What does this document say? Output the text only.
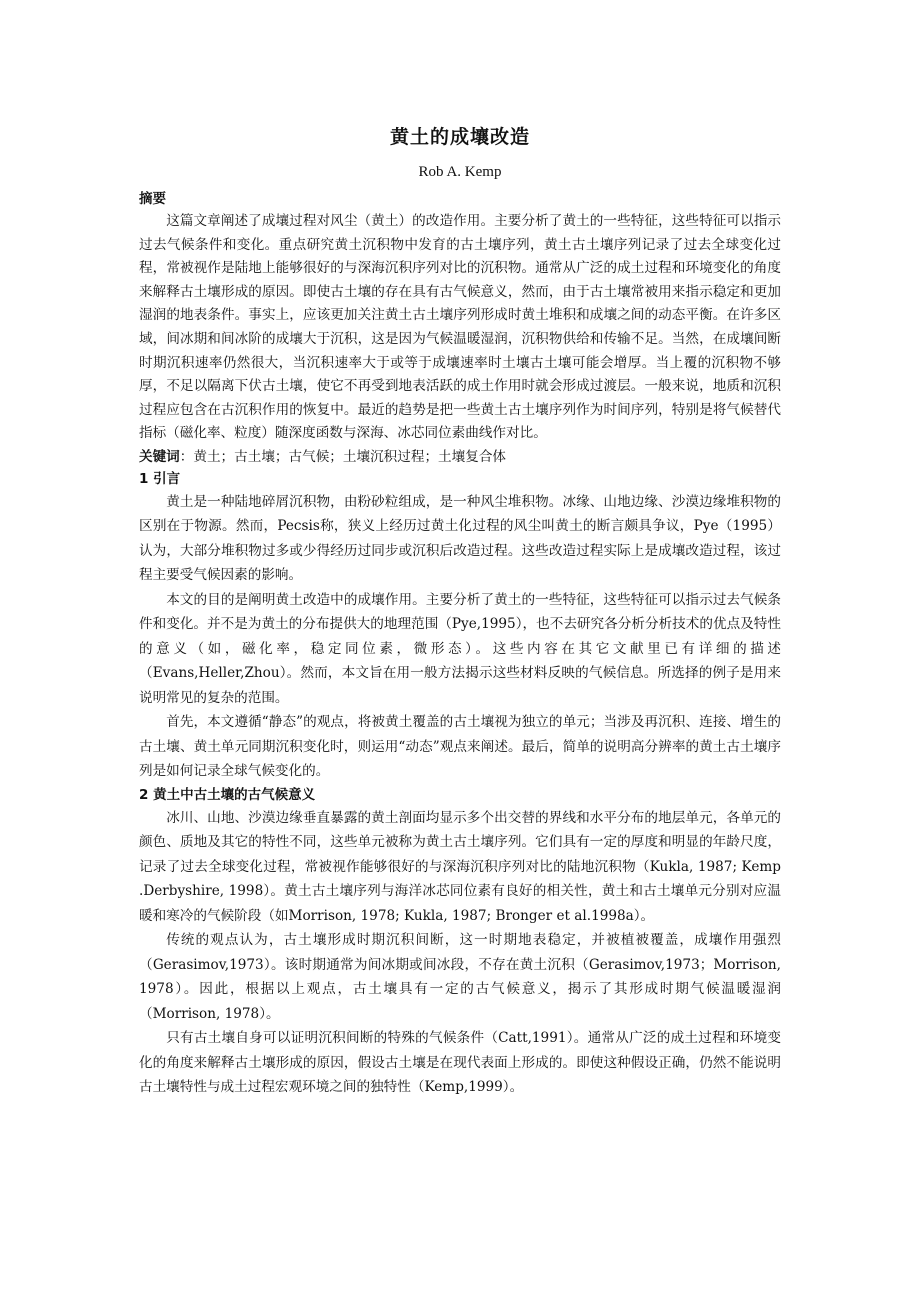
黄土的成壤改造
Rob A. Kemp
摘要

这篇文章阐述了成壤过程对风尘（黄土）的改造作用。主要分析了黄土的一些特征，这些特征可以指示过去气候条件和变化。重点研究黄土沉积物中发育的古土壤序列，黄土古土壤序列记录了过去全球变化过程，常被视作是陆地上能够很好的与深海沉积序列对比的沉积物。通常从广泛的成土过程和环境变化的角度来解释古土壤形成的原因。即使古土壤的存在具有古气候意义，然而，由于古土壤常被用来指示稳定和更加湿润的地表条件。事实上，应该更加关注黄土古土壤序列形成时黄土堆积和成壤之间的动态平衡。在许多区域，间冰期和间冰阶的成壤大于沉积，这是因为气候温暖湿润，沉积物供给和传输不足。当然，在成壤间断时期沉积速率仍然很大，当沉积速率大于或等于成壤速率时土壤古土壤可能会增厚。当上覆的沉积物不够厚，不足以隔离下伏古土壤，使它不再受到地表活跃的成土作用时就会形成过渡层。一般来说，地质和沉积过程应包含在古沉积作用的恢复中。最近的趋势是把一些黄土古土壤序列作为时间序列，特别是将气候替代指标（磁化率、粒度）随深度函数与深海、冰芯同位素曲线作对比。

关键词：黄土；古土壤；古气候；土壤沉积过程；土壤复合体

1 引言

黄土是一种陆地碎屑沉积物，由粉砂粒组成，是一种风尘堆积物。冰缘、山地边缘、沙漠边缘堆积物的区别在于物源。然而，Pecsis称，狭义上经历过黄土化过程的风尘叫黄土的断言颇具争议，Pye（1995）认为，大部分堆积物过多或少得经历过同步或沉积后改造过程。这些改造过程实际上是成壤改造过程，该过程主要受气候因素的影响。

本文的目的是阐明黄土改造中的成壤作用。主要分析了黄土的一些特征，这些特征可以指示过去气候条件和变化。并不是为黄土的分布提供大的地理范围（Pye,1995），也不去研究各分析分析技术的优点及特性的意义（如，磁化率，稳定同位素，微形态）。这些内容在其它文献里已有详细的描述（Evans,Heller,Zhou）。然而，本文旨在用一般方法揭示这些材料反映的气候信息。所选择的例子是用来说明常见的复杂的范围。

首先，本文遵循“静态”的观点，将被黄土覆盖的古土壤视为独立的单元；当涉及再沉积、连接、增生的古土壤、黄土单元同期沉积变化时，则运用“动态”观点来阐述。最后，简单的说明高分辨率的黄土古土壤序列是如何记录全球气候变化的。

2 黄土中古土壤的古气候意义

冰川、山地、沙漠边缘垂直暴露的黄土剖面均显示多个出交替的界线和水平分布的地层单元，各单元的颜色、质地及其它的特性不同，这些单元被称为黄土古土壤序列。它们具有一定的厚度和明显的年龄尺度，记录了过去全球变化过程，常被视作能够很好的与深海沉积序列对比的陆地沉积物（Kukla, 1987; Kemp .Derbyshire, 1998）。黄土古土壤序列与海洋冰芯同位素有良好的相关性，黄土和古土壤单元分别对应温暖和寒冷的气候阶段（如Morrison, 1978; Kukla, 1987; Bronger et al.1998a）。

传统的观点认为，古土壤形成时期沉积间断，这一时期地表稳定，并被植被覆盖，成壤作用强烈（Gerasimov,1973）。该时期通常为间冰期或间冰段，不存在黄土沉积（Gerasimov,1973；Morrison, 1978）。因此，根据以上观点，古土壤具有一定的古气候意义，揭示了其形成时期气候温暖湿润（Morrison, 1978）。

只有古土壤自身可以证明沉积间断的特殊的气候条件（Catt,1991）。通常从广泛的成土过程和环境变化的角度来解释古土壤形成的原因，假设古土壤是在现代表面上形成的。即使这种假设正确，仍然不能说明古土壤特性与成土过程宏观环境之间的独特性（Kemp,1999）。
